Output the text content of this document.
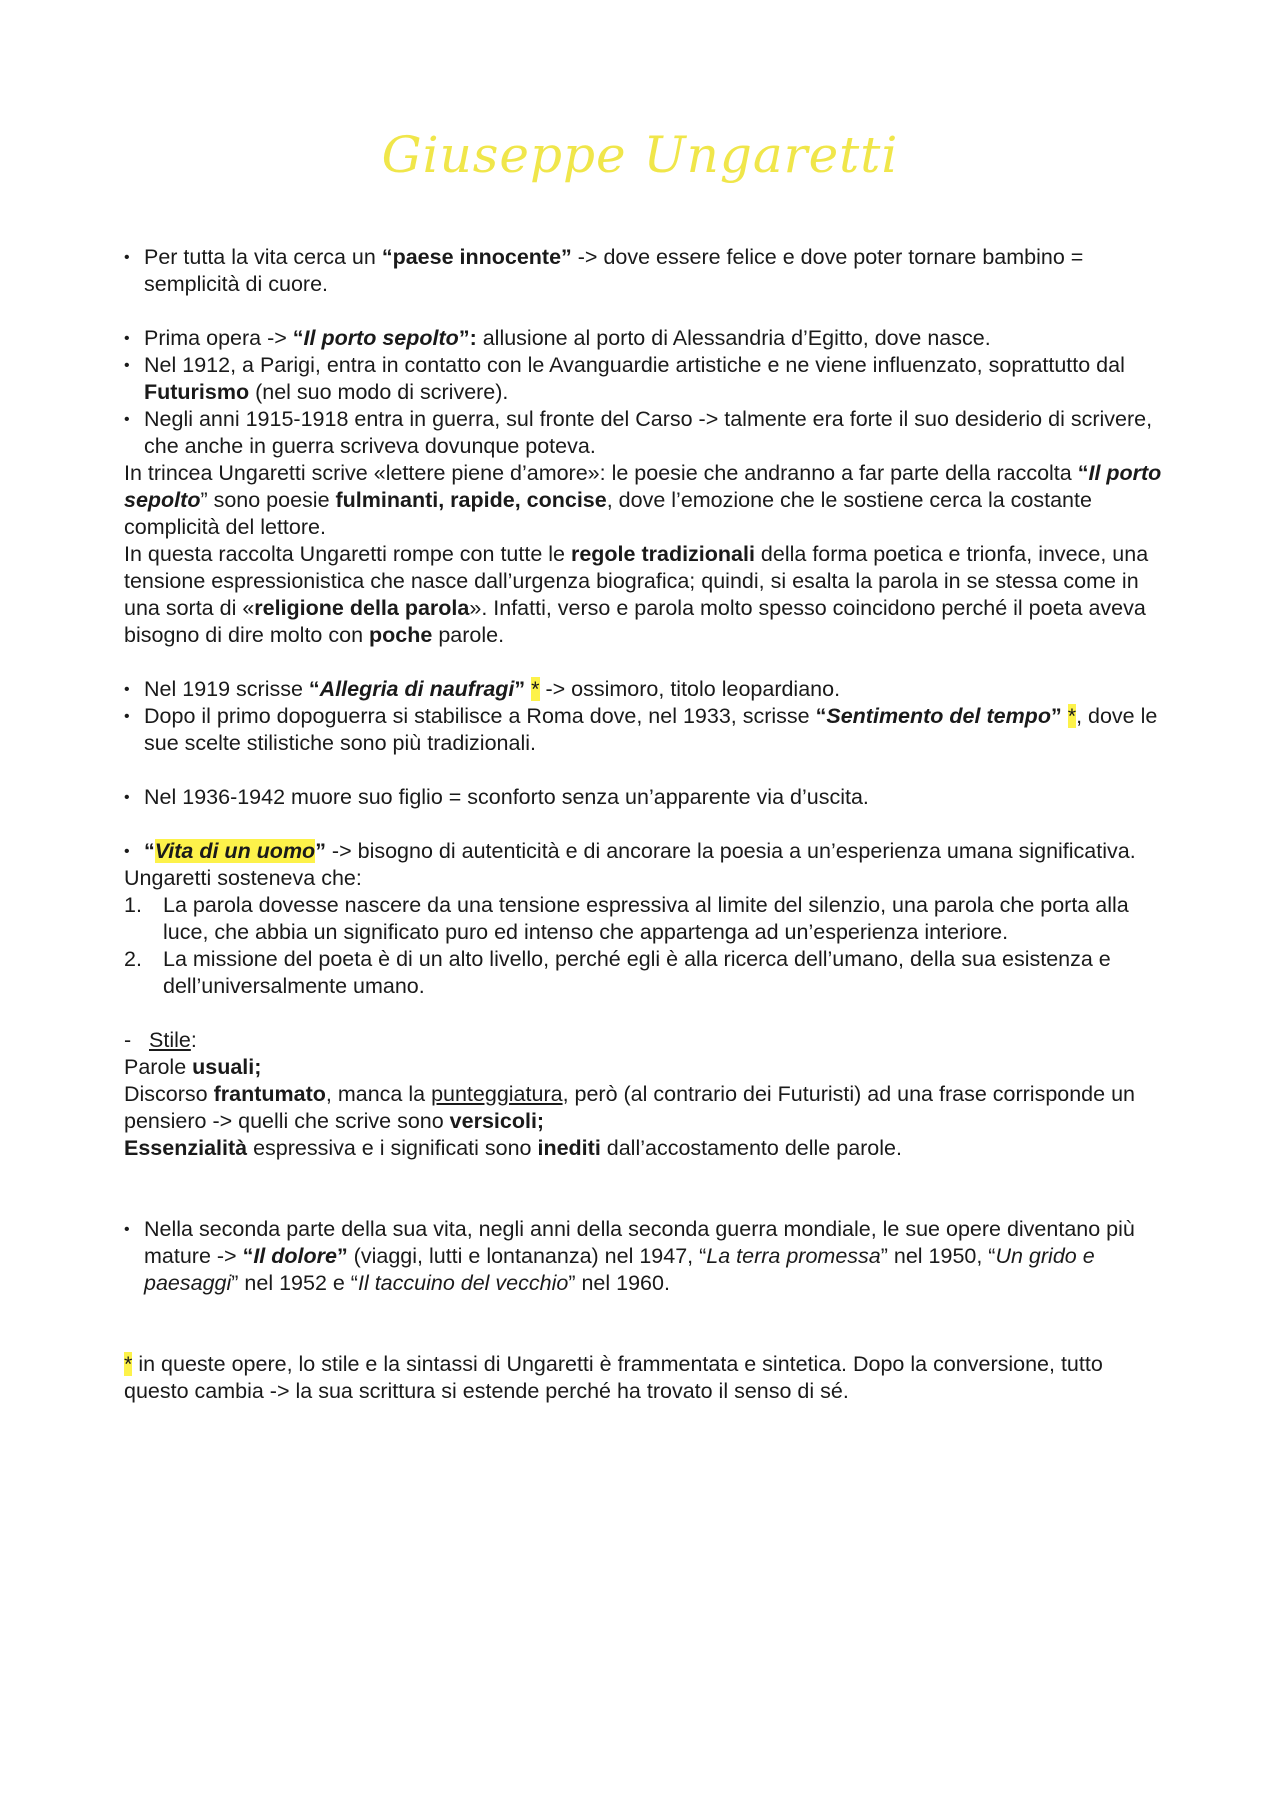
Giuseppe Ungaretti
• Per tutta la vita cerca un “paese innocente” -> dove essere felice e dove poter tornare bambino = semplicità di cuore.
• Prima opera -> “Il porto sepolto”: allusione al porto di Alessandria d’Egitto, dove nasce.
• Nel 1912, a Parigi, entra in contatto con le Avanguardie artistiche e ne viene influenzato, soprattutto dal Futurismo (nel suo modo di scrivere).
• Negli anni 1915-1918 entra in guerra, sul fronte del Carso -> talmente era forte il suo desiderio di scrivere, che anche in guerra scriveva dovunque poteva.
In trincea Ungaretti scrive «lettere piene d’amore»: le poesie che andranno a far parte della raccolta “Il porto sepolto” sono poesie fulminanti, rapide, concise, dove l’emozione che le sostiene cerca la costante complicità del lettore.
In questa raccolta Ungaretti rompe con tutte le regole tradizionali della forma poetica e trionfa, invece, una tensione espressionistica che nasce dall’urgenza biografica; quindi, si esalta la parola in se stessa come in una sorta di «religione della parola». Infatti, verso e parola molto spesso coincidono perché il poeta aveva bisogno di dire molto con poche parole.
• Nel 1919 scrisse “Allegria di naufragi” * -> ossimoro, titolo leopardiano.
• Dopo il primo dopoguerra si stabilisce a Roma dove, nel 1933, scrisse “Sentimento del tempo” *, dove le sue scelte stilistiche sono più tradizionali.
• Nel 1936-1942 muore suo figlio = sconforto senza un’apparente via d’uscita.
• “Vita di un uomo” -> bisogno di autenticità e di ancorare la poesia a un’esperienza umana significativa.
Ungaretti sosteneva che:
1. La parola dovesse nascere da una tensione espressiva al limite del silenzio, una parola che porta alla luce, che abbia un significato puro ed intenso che appartenga ad un’esperienza interiore.
2. La missione del poeta è di un alto livello, perché egli è alla ricerca dell’umano, della sua esistenza e dell’universalmente umano.
- Stile:
Parole usuali;
Discorso frantumato, manca la punteggiatura, però (al contrario dei Futuristi) ad una frase corrisponde un pensiero -> quelli che scrive sono versicoli;
Essenzialità espressiva e i significati sono inediti dall’accostamento delle parole.
• Nella seconda parte della sua vita, negli anni della seconda guerra mondiale, le sue opere diventano più mature -> “Il dolore” (viaggi, lutti e lontananza) nel 1947, “La terra promessa” nel 1950, “Un grido e paesaggi” nel 1952 e “Il taccuino del vecchio” nel 1960.
* in queste opere, lo stile e la sintassi di Ungaretti è frammentata e sintetica. Dopo la conversione, tutto questo cambia -> la sua scrittura si estende perché ha trovato il senso di sé.
